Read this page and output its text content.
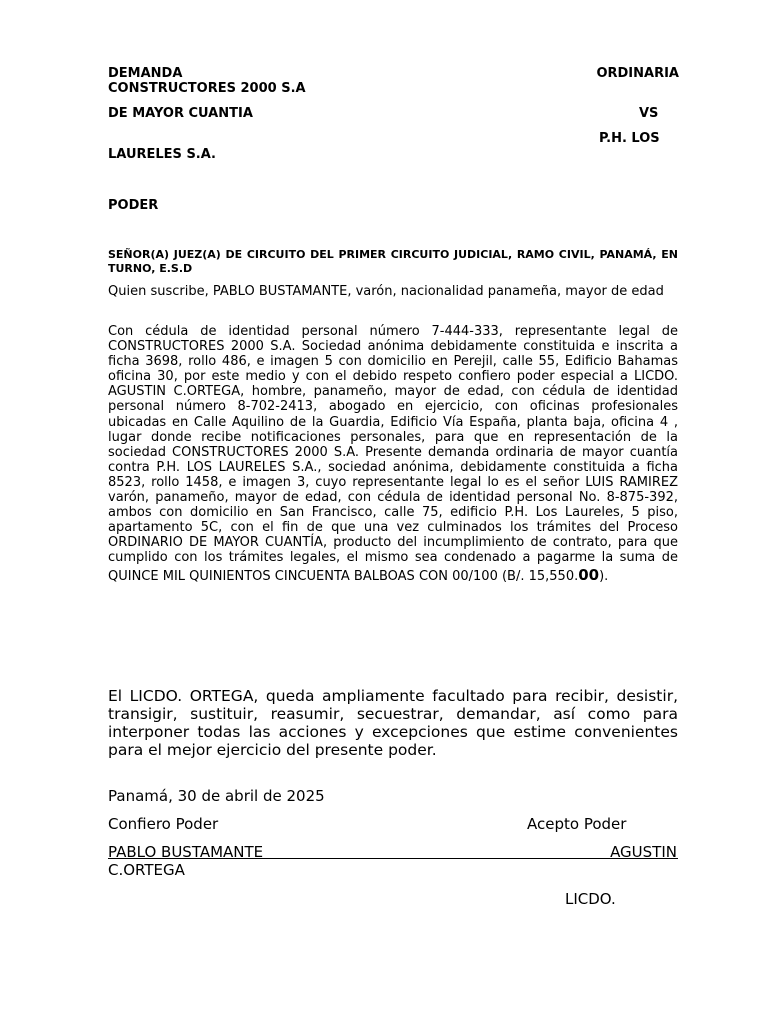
DEMANDA	ORDINARIA

CONSTRUCTORES 2000 S.A

DE MAYOR CUANTIA	VS

P.H. LOS

LAURELES S.A.

PODER

SEÑOR(A) JUEZ(A) DE CIRCUITO DEL PRIMER CIRCUITO JUDICIAL, RAMO CIVIL, PANAMÁ, EN TURNO, E.S.D

Quien suscribe, PABLO BUSTAMANTE, varón, nacionalidad panameña, mayor de edad

Con cédula de identidad personal número 7-444-333, representante legal de CONSTRUCTORES 2000 S.A. Sociedad anónima debidamente constituida e inscrita a ficha 3698, rollo 486, e imagen 5 con domicilio en Perejil, calle 55, Edificio Bahamas oficina 30, por este medio y con el debido respeto confiero poder especial a LICDO. AGUSTIN C.ORTEGA, hombre, panameño, mayor de edad, con cédula de identidad personal número 8-702-2413, abogado en ejercicio, con oficinas profesionales ubicadas en Calle Aquilino de la Guardia, Edificio Vía España, planta baja, oficina 4 , lugar donde recibe notificaciones personales, para que en representación de la sociedad CONSTRUCTORES 2000 S.A. Presente demanda ordinaria de mayor cuantía contra P.H. LOS LAURELES S.A., sociedad anónima, debidamente constituida a ficha 8523, rollo 1458, e imagen 3, cuyo representante legal lo es el señor LUIS RAMIREZ varón, panameño, mayor de edad, con cédula de identidad personal No. 8-875-392, ambos con domicilio en San Francisco, calle 75, edificio P.H. Los Laureles, 5 piso, apartamento 5C, con el fin de que una vez culminados los trámites del Proceso ORDINARIO DE MAYOR CUANTÍA, producto del incumplimiento de contrato, para que cumplido con los trámites legales, el mismo sea condenado a pagarme la suma de QUINCE MIL QUINIENTOS CINCUENTA BALBOAS CON 00/100 (B/. 15,550.00).

El LICDO. ORTEGA, queda ampliamente facultado para recibir, desistir, transigir, sustituir, reasumir, secuestrar, demandar, así como para interponer todas las acciones y excepciones que estime convenientes para el mejor ejercicio del presente poder.

Panamá, 30 de abril de 2025

Confiero Poder	Acepto Poder

PABLO BUSTAMANTE	AGUSTIN

C.ORTEGA

LICDO.
